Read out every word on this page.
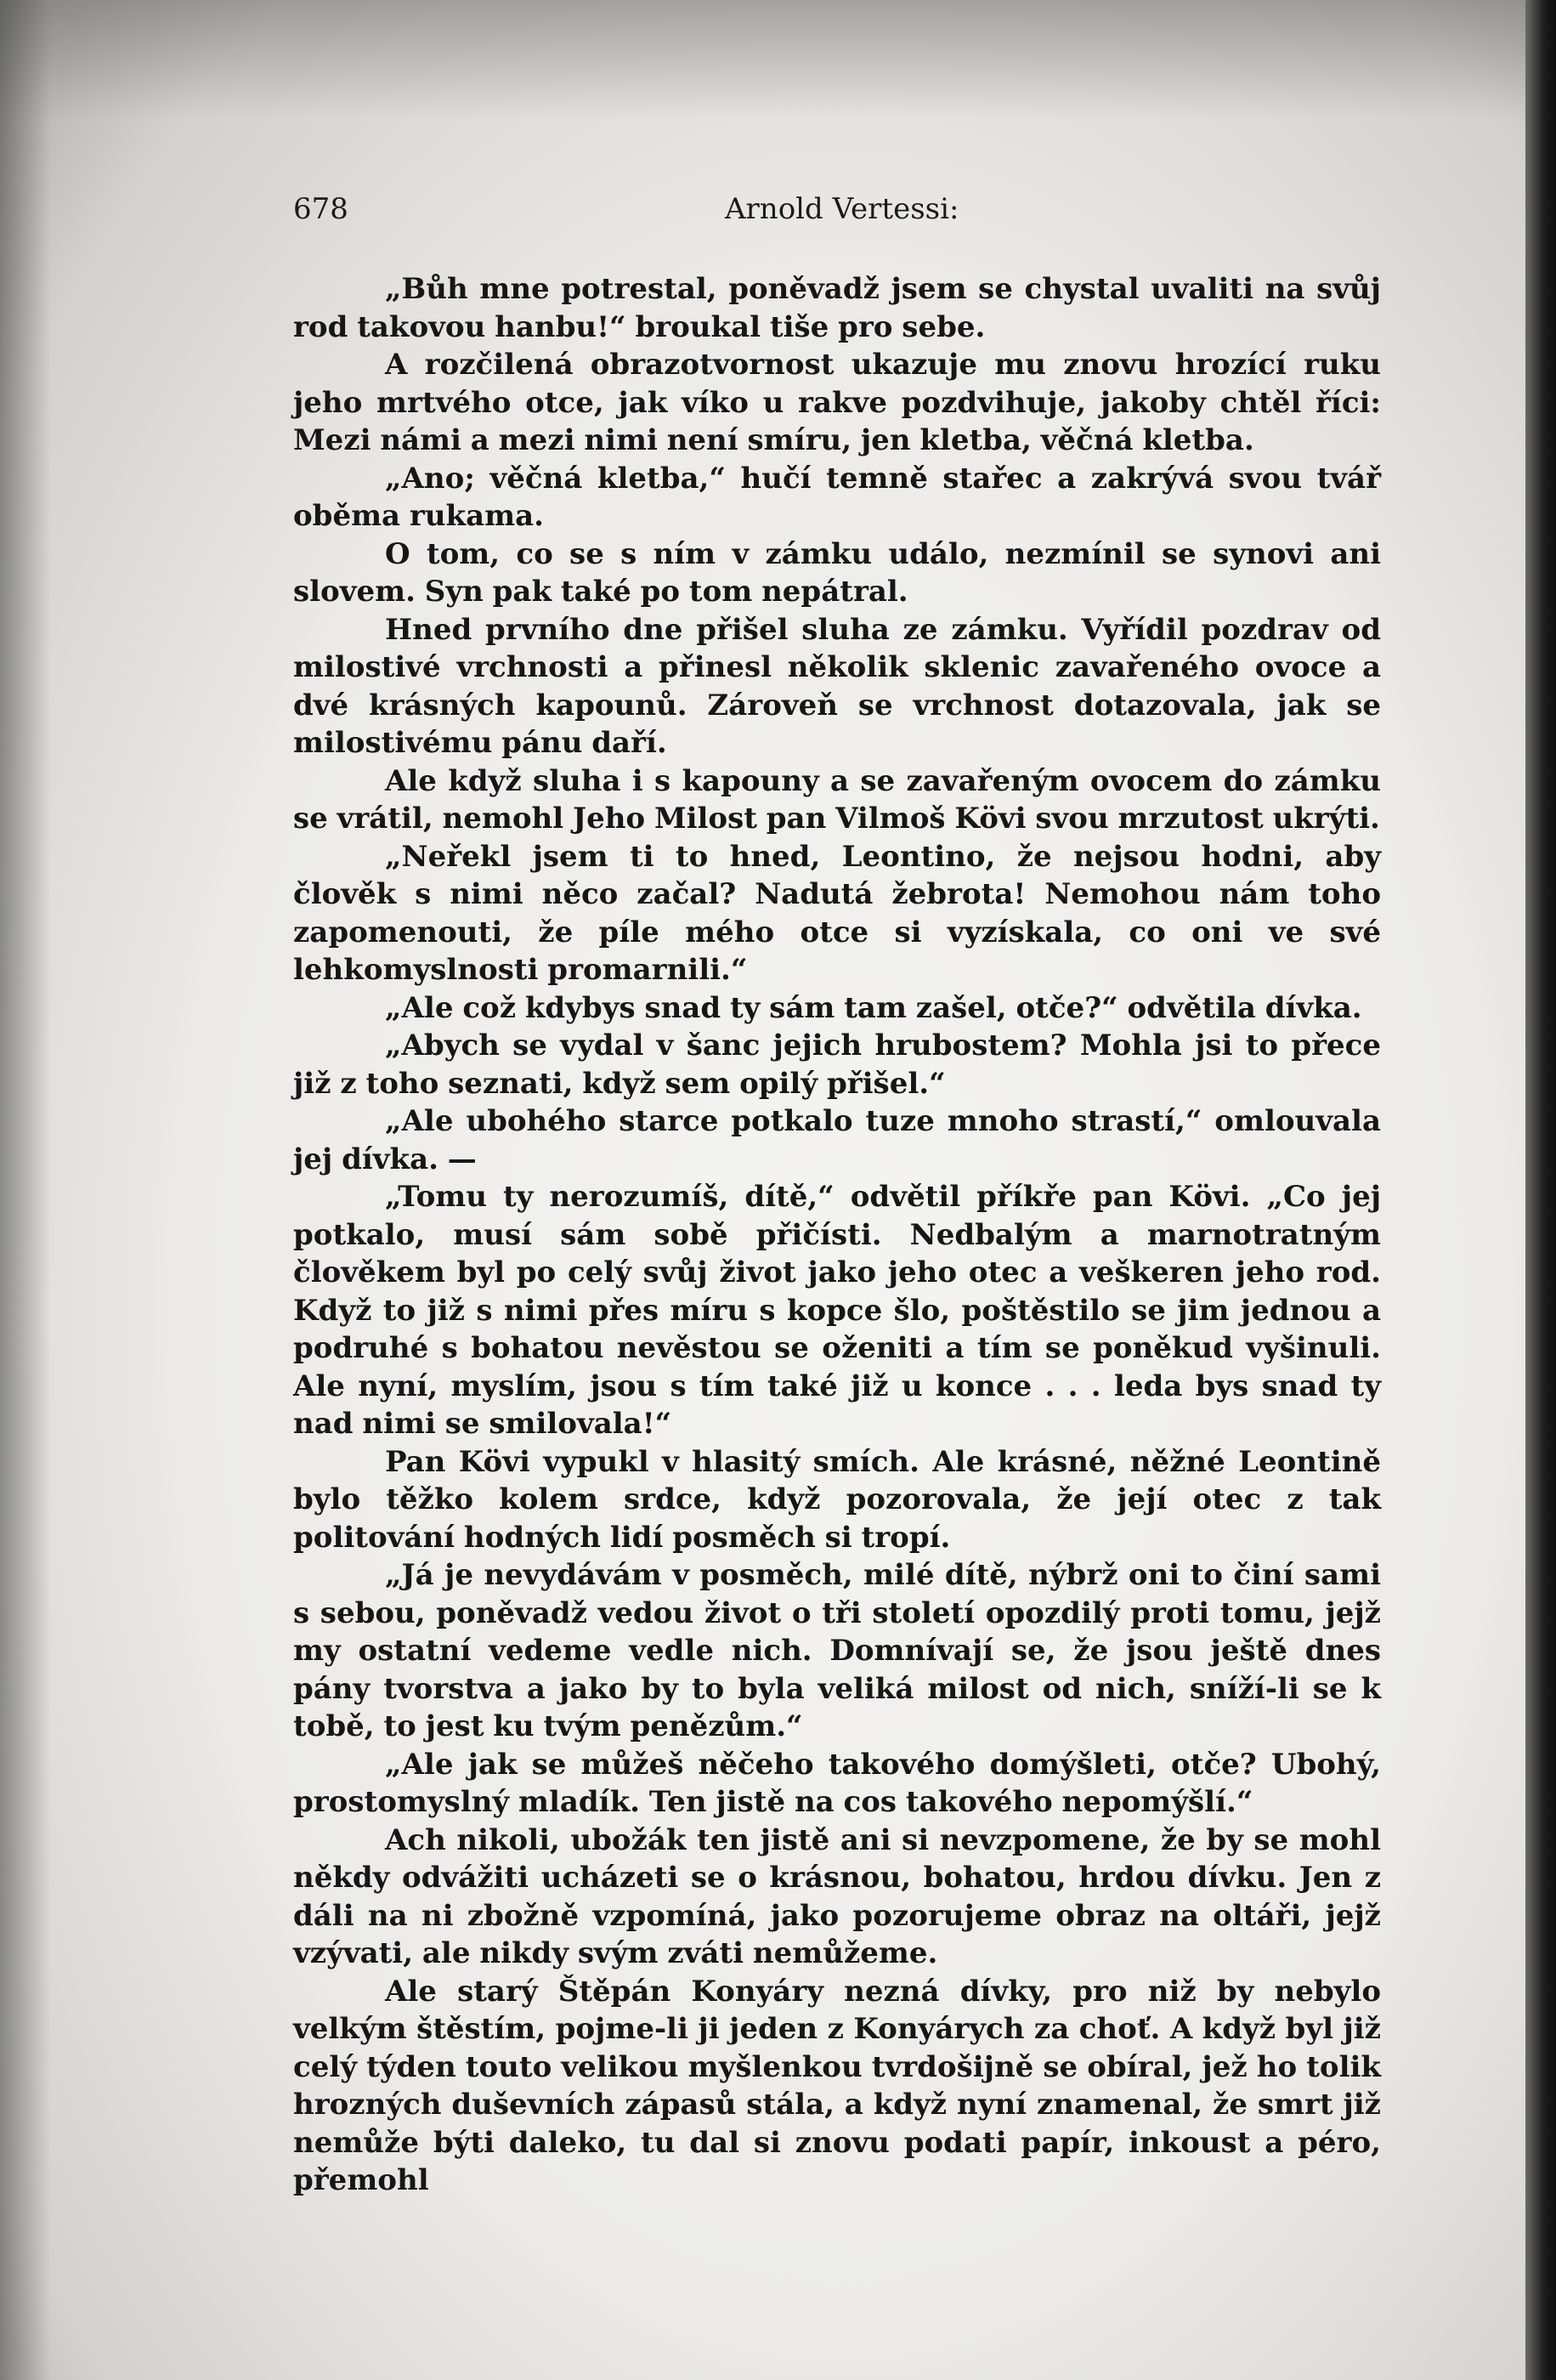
678	Arnold Vertessi:

„Bůh mne potrestal, poněvadž jsem se chystal uvaliti na svůj rod takovou hanbu!“ broukal tiše pro sebe.

A rozčilená obrazotvornost ukazuje mu znovu hrozící ruku jeho mrtvého otce, jak víko u rakve pozdvihuje, jakoby chtěl říci: Mezi námi a mezi nimi není smíru, jen kletba, věčná kletba.

„Ano; věčná kletba,“ hučí temně stařec a zakrývá svou tvář oběma rukama.

O tom, co se s ním v zámku událo, nezmínil se synovi ani slovem. Syn pak také po tom nepátral.

Hned prvního dne přišel sluha ze zámku. Vyřídil pozdrav od milostivé vrchnosti a přinesl několik sklenic zavařeného ovoce a dvé krásných kapounů. Zároveň se vrchnost dotazovala, jak se milostivému pánu daří.

Ale když sluha i s kapouny a se zavařeným ovocem do zámku se vrátil, nemohl Jeho Milost pan Vilmoš Kövi svou mrzutost ukrýti.

„Neřekl jsem ti to hned, Leontino, že nejsou hodni, aby člověk s nimi něco začal? Nadutá žebrota! Nemohou nám toho zapomenouti, že píle mého otce si vyzískala, co oni ve své lehkomyslnosti promarnili.“

„Ale což kdybys snad ty sám tam zašel, otče?“ odvětila dívka.

„Abych se vydal v šanc jejich hrubostem? Mohla jsi to přece již z toho seznati, když sem opilý přišel.“

„Ale ubohého starce potkalo tuze mnoho strastí,“ omlouvala jej dívka. —

„Tomu ty nerozumíš, dítě,“ odvětil příkře pan Kövi. „Co jej potkalo, musí sám sobě přičísti. Nedbalým a marnotratným člověkem byl po celý svůj život jako jeho otec a veškeren jeho rod. Když to již s nimi přes míru s kopce šlo, poštěstilo se jim jednou a podruhé s bohatou nevěstou se oženiti a tím se poněkud vyšinuli. Ale nyní, myslím, jsou s tím také již u konce . . . leda bys snad ty nad nimi se smilovala!“

Pan Kövi vypukl v hlasitý smích. Ale krásné, něžné Leontině bylo těžko kolem srdce, když pozorovala, že její otec z tak politování hodných lidí posměch si tropí.

„Já je nevydávám v posměch, milé dítě, nýbrž oni to činí sami s sebou, poněvadž vedou život o tři století opozdilý proti tomu, jejž my ostatní vedeme vedle nich. Domnívají se, že jsou ještě dnes pány tvorstva a jako by to byla veliká milost od nich, sníží-li se k tobě, to jest ku tvým penězům.“

„Ale jak se můžeš něčeho takového domýšleti, otče? Ubohý, prostomyslný mladík. Ten jistě na cos takového nepomýšlí.“

Ach nikoli, ubožák ten jistě ani si nevzpomene, že by se mohl někdy odvážiti ucházeti se o krásnou, bohatou, hrdou dívku. Jen z dáli na ni zbožně vzpomíná, jako pozorujeme obraz na oltáři, jejž vzývati, ale nikdy svým zváti nemůžeme.

Ale starý Štěpán Konyáry nezná dívky, pro niž by nebylo velkým štěstím, pojme-li ji jeden z Konyárych za choť. A když byl již celý týden touto velikou myšlenkou tvrdošijně se obíral, jež ho tolik hrozných duševních zápasů stála, a když nyní znamenal, že smrt již nemůže býti daleko, tu dal si znovu podati papír, inkoust a péro, přemohl
